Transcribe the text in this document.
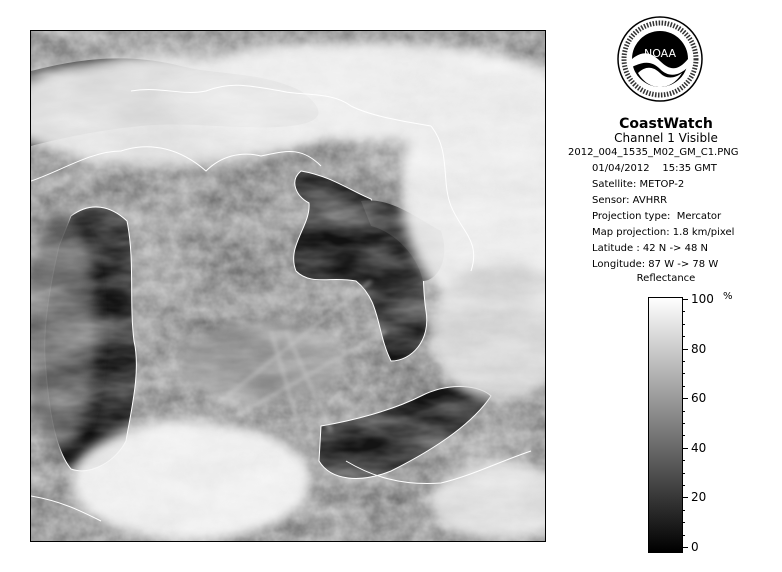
NOAA
CoastWatch
Channel 1 Visible
2012_004_1535_M02_GM_C1.PNG
01/04/2012    15:35 GMT
Satellite: METOP-2
Sensor: AVHRR
Projection type:  Mercator
Map projection: 1.8 km/pixel
Latitude : 42 N -> 48 N
Longitude: 87 W -> 78 W
Reflectance
%
100
80
60
40
20
0
